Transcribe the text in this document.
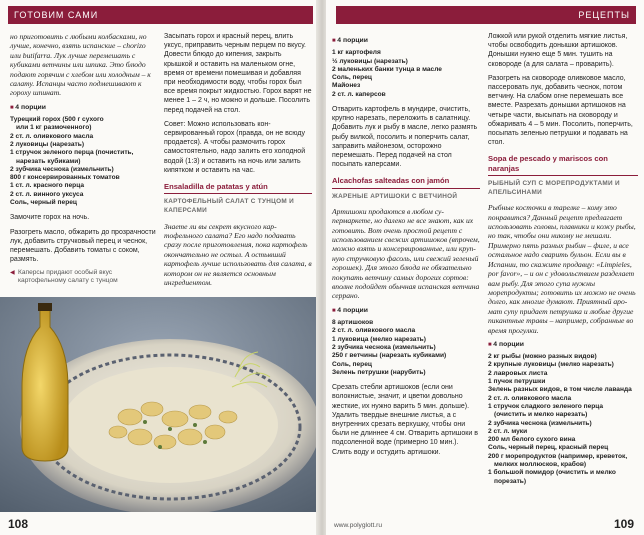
ГОТОВИМ САМИ

но приготовить с любыми колбасками, но лучше, конечно, взять испанские – chorizo или butifarra. Лук лучше перемешать с кубиками ветчины или шпика. Это блюдо подают горячим с хлебом или холодным – к салату. Испанцы часто подмешивают к гороху шпинат.

■ 4 порции
Турецкий горох (500 г сухого
или 1 кг размоченного)
2 ст. л. оливкового масла
2 луковицы (нарезать)
1 стручок зеленого перца (почистить,
нарезать кубиками)
2 зубчика чеснока (измельчить)
800 г консервированных томатов
1 ст. л. красного перца
2 ст. л. винного уксуса
Соль, черный перец

Замочите горох на ночь.

Разогреть масло, обжарить до прозрачности лук, добавить стручковый перец и чеснок, перемешать. Добавить томаты с соком, размять.

◀ Каперсы придают особый вкус картофельному салату с тунцом

Засыпать горох и красный перец, влить уксус, приправить черным перцем по вкусу. Довести блюдо до кипения, закрыть крышкой и оставить на маленьком огне, время от времени помешивая и добавляя при необходимости воду, чтобы горох был все время покрыт жидкостью. Горох варят не менее 1 – 2 ч, но можно и дольше. Посолить перед подачей на стол.

Совет: Можно использовать консервированный горох (правда, он не всюду продается). А чтобы размочить горох самостоятельно, надо залить его холодной водой (1:3) и оставить на ночь или залить кипятком и оставить на час.

Ensaladilla de patatas y atún
КАРТОФЕЛЬНЫЙ САЛАТ С ТУНЦОМ И КАПЕРСАМИ

Знаете ли вы секрет вкусного картофельного салата? Его надо подавать сразу после приготовления, пока картофель окончательно не остыл. А остывший картофель лучше использовать для салата, в котором он не является основным ингредиентом.

108
РЕЦЕПТЫ
■ 4 порции
1 кг картофеля
½ луковицы (нарезать)
2 маленьких банки тунца в масле
Соль, перец
Майонез
2 ст. л. каперсов

Отварить картофель в мундире, очистить, крупно нарезать, переложить в салатницу. Добавить лук и рыбу в масле, легко размять рыбу вилкой, посолить и поперчить салат, заправить майонезом, осторожно перемешать. Перед подачей на стол посыпать каперсами.

Alcachofas salteadas con jamón
ЖАРЕНЫЕ АРТИШОКИ С ВЕТЧИНОЙ

Артишоки продаются в любом супермаркете, но далеко не все знают, как их готовить. Вот очень простой рецепт с использованием свежих артишоков (впрочем, можно взять и консервированные, или крупную стручковую фасоль, или свежий зеленый горошек). Для этого блюда не обязательно покупать ветчину самых дорогих сортов: вполне подойдет обычная испанская ветчина серрано.

■ 4 порции
8 артишоков
2 ст. л. оливкового масла
1 луковица (мелко нарезать)
2 зубчика чеснока (измельчить)
250 г ветчины (нарезать кубиками)
Соль, перец
Зелень петрушки (нарубить)

Срезать стебли артишоков (если они волокнистые, значит, и цветки довольно жесткие, их нужно варить 5 мин. дольше). Удалить твердые внешние листья, а с внутренних срезать верхушку, чтобы они были не длиннее 4 см. Отварить артишоки в подсоленной воде (примерно 10 мин.). Слить воду и остудить артишоки.

Ложкой или рукой отделить мягкие листья, чтобы освободить донышки артишоков. Донышки нужно еще 5 мин. тушить на сковороде (а для салата – проварить).

Разогреть на сковороде оливковое масло, пассеровать лук, добавить чеснок, потом ветчину. На слабом огне перемешать все вместе. Разрезать донышки артишоков на четыре части, высыпать на сковороду и обжаривать 4 – 5 мин. Посолить, поперчить, посыпать зеленью петрушки и подавать на стол.

Sopa de pescado y mariscos con naranjas
РЫБНЫЙ СУП С МОРЕПРОДУКТАМИ И АПЕЛЬСИНАМИ

Рыбные косточки в тарелке – кому это понравится? Данный рецепт предлагает использовать головы, плавники и кожу рыбы, но так, чтобы они никому не мешали. Примерно пять разных рыбин – филе, и все остальное надо сварить бульон. Если вы в Испании, то скажите продавцу: «Limpieles, por favor», – и он с удовольствием разделает вам рыбу. Для этого супа нужны морепродукты; готовить их можно не очень долго, как многие думают. Приятный аромат супу придает петрушка и любые другие пикантные травы – например, собранные во время прогулки.

■ 4 порции
2 кг рыбы (можно разных видов)
2 крупные луковицы (мелко нарезать)
2 лавровых листа
1 пучок петрушки
Зелень разных видов, в том числе лаванда
2 ст. л. оливкового масла
1 стручок сладкого зеленого перца
(очистить и мелко нарезать)
2 зубчика чеснока (измельчить)
2 ст. л. муки
200 мл белого сухого вина
Соль, черный перец, красный перец
200 г морепродуктов (например, креветок,
мелких моллюсков, крабов)
1 большой помидор (очистить и мелко
порезать)
www.polyglott.ru	109
